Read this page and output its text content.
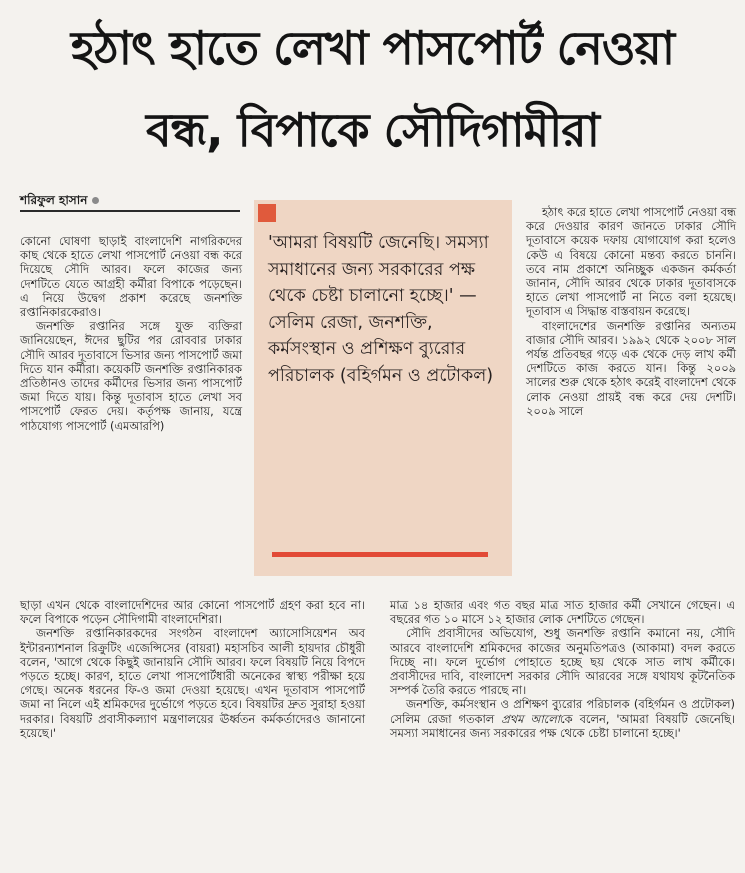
হঠাৎ হাতে লেখা পাসপোর্ট নেওয়া
বন্ধ, বিপাকে সৌদিগামীরা
শরিফুল হাসান

কোনো ঘোষণা ছাড়াই বাংলাদেশি নাগরিকদের কাছ থেকে হাতে লেখা পাসপোর্ট নেওয়া বন্ধ করে দিয়েছে সৌদি আরব। ফলে কাজের জন্য দেশটিতে যেতে আগ্রহী কর্মীরা বিপাকে পড়েছেন। এ নিয়ে উদ্বেগ প্রকাশ করেছে জনশক্তি রপ্তানিকারকেরাও।

জনশক্তি রপ্তানির সঙ্গে যুক্ত ব্যক্তিরা জানিয়েছেন, ঈদের ছুটির পর রোববার ঢাকার সৌদি আরব দূতাবাসে ভিসার জন্য পাসপোর্ট জমা দিতে যান কর্মীরা। কয়েকটি জনশক্তি রপ্তানিকারক প্রতিষ্ঠানও তাদের কর্মীদের ভিসার জন্য পাসপোর্ট জমা দিতে যায়। কিন্তু দূতাবাস হাতে লেখা সব পাসপোর্ট ফেরত দেয়। কর্তৃপক্ষ জানায়, যন্ত্রে পাঠযোগ্য পাসপোর্ট (এমআরপি)

'আমরা বিষয়টি জেনেছি। সমস্যা সমাধানের জন্য সরকারের পক্ষ থেকে চেষ্টা চালানো হচ্ছে।' —সেলিম রেজা, জনশক্তি, কর্মসংস্থান ও প্রশিক্ষণ ব্যুরোর পরিচালক (বহির্গমন ও প্রটোকল)

হঠাৎ করে হাতে লেখা পাসপোর্ট নেওয়া বন্ধ করে দেওয়ার কারণ জানতে ঢাকার সৌদি দূতাবাসে কয়েক দফায় যোগাযোগ করা হলেও কেউ এ বিষয়ে কোনো মন্তব্য করতে চাননি। তবে নাম প্রকাশে অনিচ্ছুক একজন কর্মকর্তা জানান, সৌদি আরব থেকে ঢাকার দূতাবাসকে হাতে লেখা পাসপোর্ট না নিতে বলা হয়েছে। দূতাবাস এ সিদ্ধান্ত বাস্তবায়ন করেছে।

বাংলাদেশের জনশক্তি রপ্তানির অন্যতম বাজার সৌদি আরব। ১৯৯২ থেকে ২০০৮ সাল পর্যন্ত প্রতিবছর গড়ে এক থেকে দেড় লাখ কর্মী দেশটিতে কাজ করতে যান। কিন্তু ২০০৯ সালের শুরু থেকে হঠাৎ করেই বাংলাদেশ থেকে লোক নেওয়া প্রায়ই বন্ধ করে দেয় দেশটি। ২০০৯ সালে

ছাড়া এখন থেকে বাংলাদেশিদের আর কোনো পাসপোর্ট গ্রহণ করা হবে না। ফলে বিপাকে পড়েন সৌদিগামী বাংলাদেশিরা।

জনশক্তি রপ্তানিকারকদের সংগঠন বাংলাদেশ অ্যাসোসিয়েশন অব ইন্টারন্যাশনাল রিক্রুটিং এজেন্সিসের (বায়রা) মহাসচিব আলী হায়দার চৌধুরী বলেন, 'আগে থেকে কিছুই জানায়নি সৌদি আরব। ফলে বিষয়টি নিয়ে বিপদে পড়তে হচ্ছে। কারণ, হাতে লেখা পাসপোর্টধারী অনেকের স্বাস্থ্য পরীক্ষা হয়ে গেছে। অনেক ধরনের ফি-ও জমা দেওয়া হয়েছে। এখন দূতাবাস পাসপোর্ট জমা না নিলে এই শ্রমিকদের দুর্ভোগে পড়তে হবে। বিষয়টির দ্রুত সুরাহা হওয়া দরকার। বিষয়টি প্রবাসীকল্যাণ মন্ত্রণালয়ের ঊর্ধ্বতন কর্মকর্তাদেরও জানানো হয়েছে।'

মাত্র ১৪ হাজার এবং গত বছর মাত্র সাত হাজার কর্মী সেখানে গেছেন। এ বছরের গত ১০ মাসে ১২ হাজার লোক দেশটিতে গেছেন।

সৌদি প্রবাসীদের অভিযোগ, শুধু জনশক্তি রপ্তানি কমানো নয়, সৌদি আরবে বাংলাদেশি শ্রমিকদের কাজের অনুমতিপত্রও (আকামা) বদল করতে দিচ্ছে না। ফলে দুর্ভোগ পোহাতে হচ্ছে ছয় থেকে সাত লাখ কর্মীকে। প্রবাসীদের দাবি, বাংলাদেশ সরকার সৌদি আরবের সঙ্গে যথাযথ কূটনৈতিক সম্পর্ক তৈরি করতে পারছে না।

জনশক্তি, কর্মসংস্থান ও প্রশিক্ষণ ব্যুরোর পরিচালক (বহির্গমন ও প্রটোকল) সেলিম রেজা গতকাল প্রথম আলোকে বলেন, 'আমরা বিষয়টি জেনেছি। সমস্যা সমাধানের জন্য সরকারের পক্ষ থেকে চেষ্টা চালানো হচ্ছে।'
